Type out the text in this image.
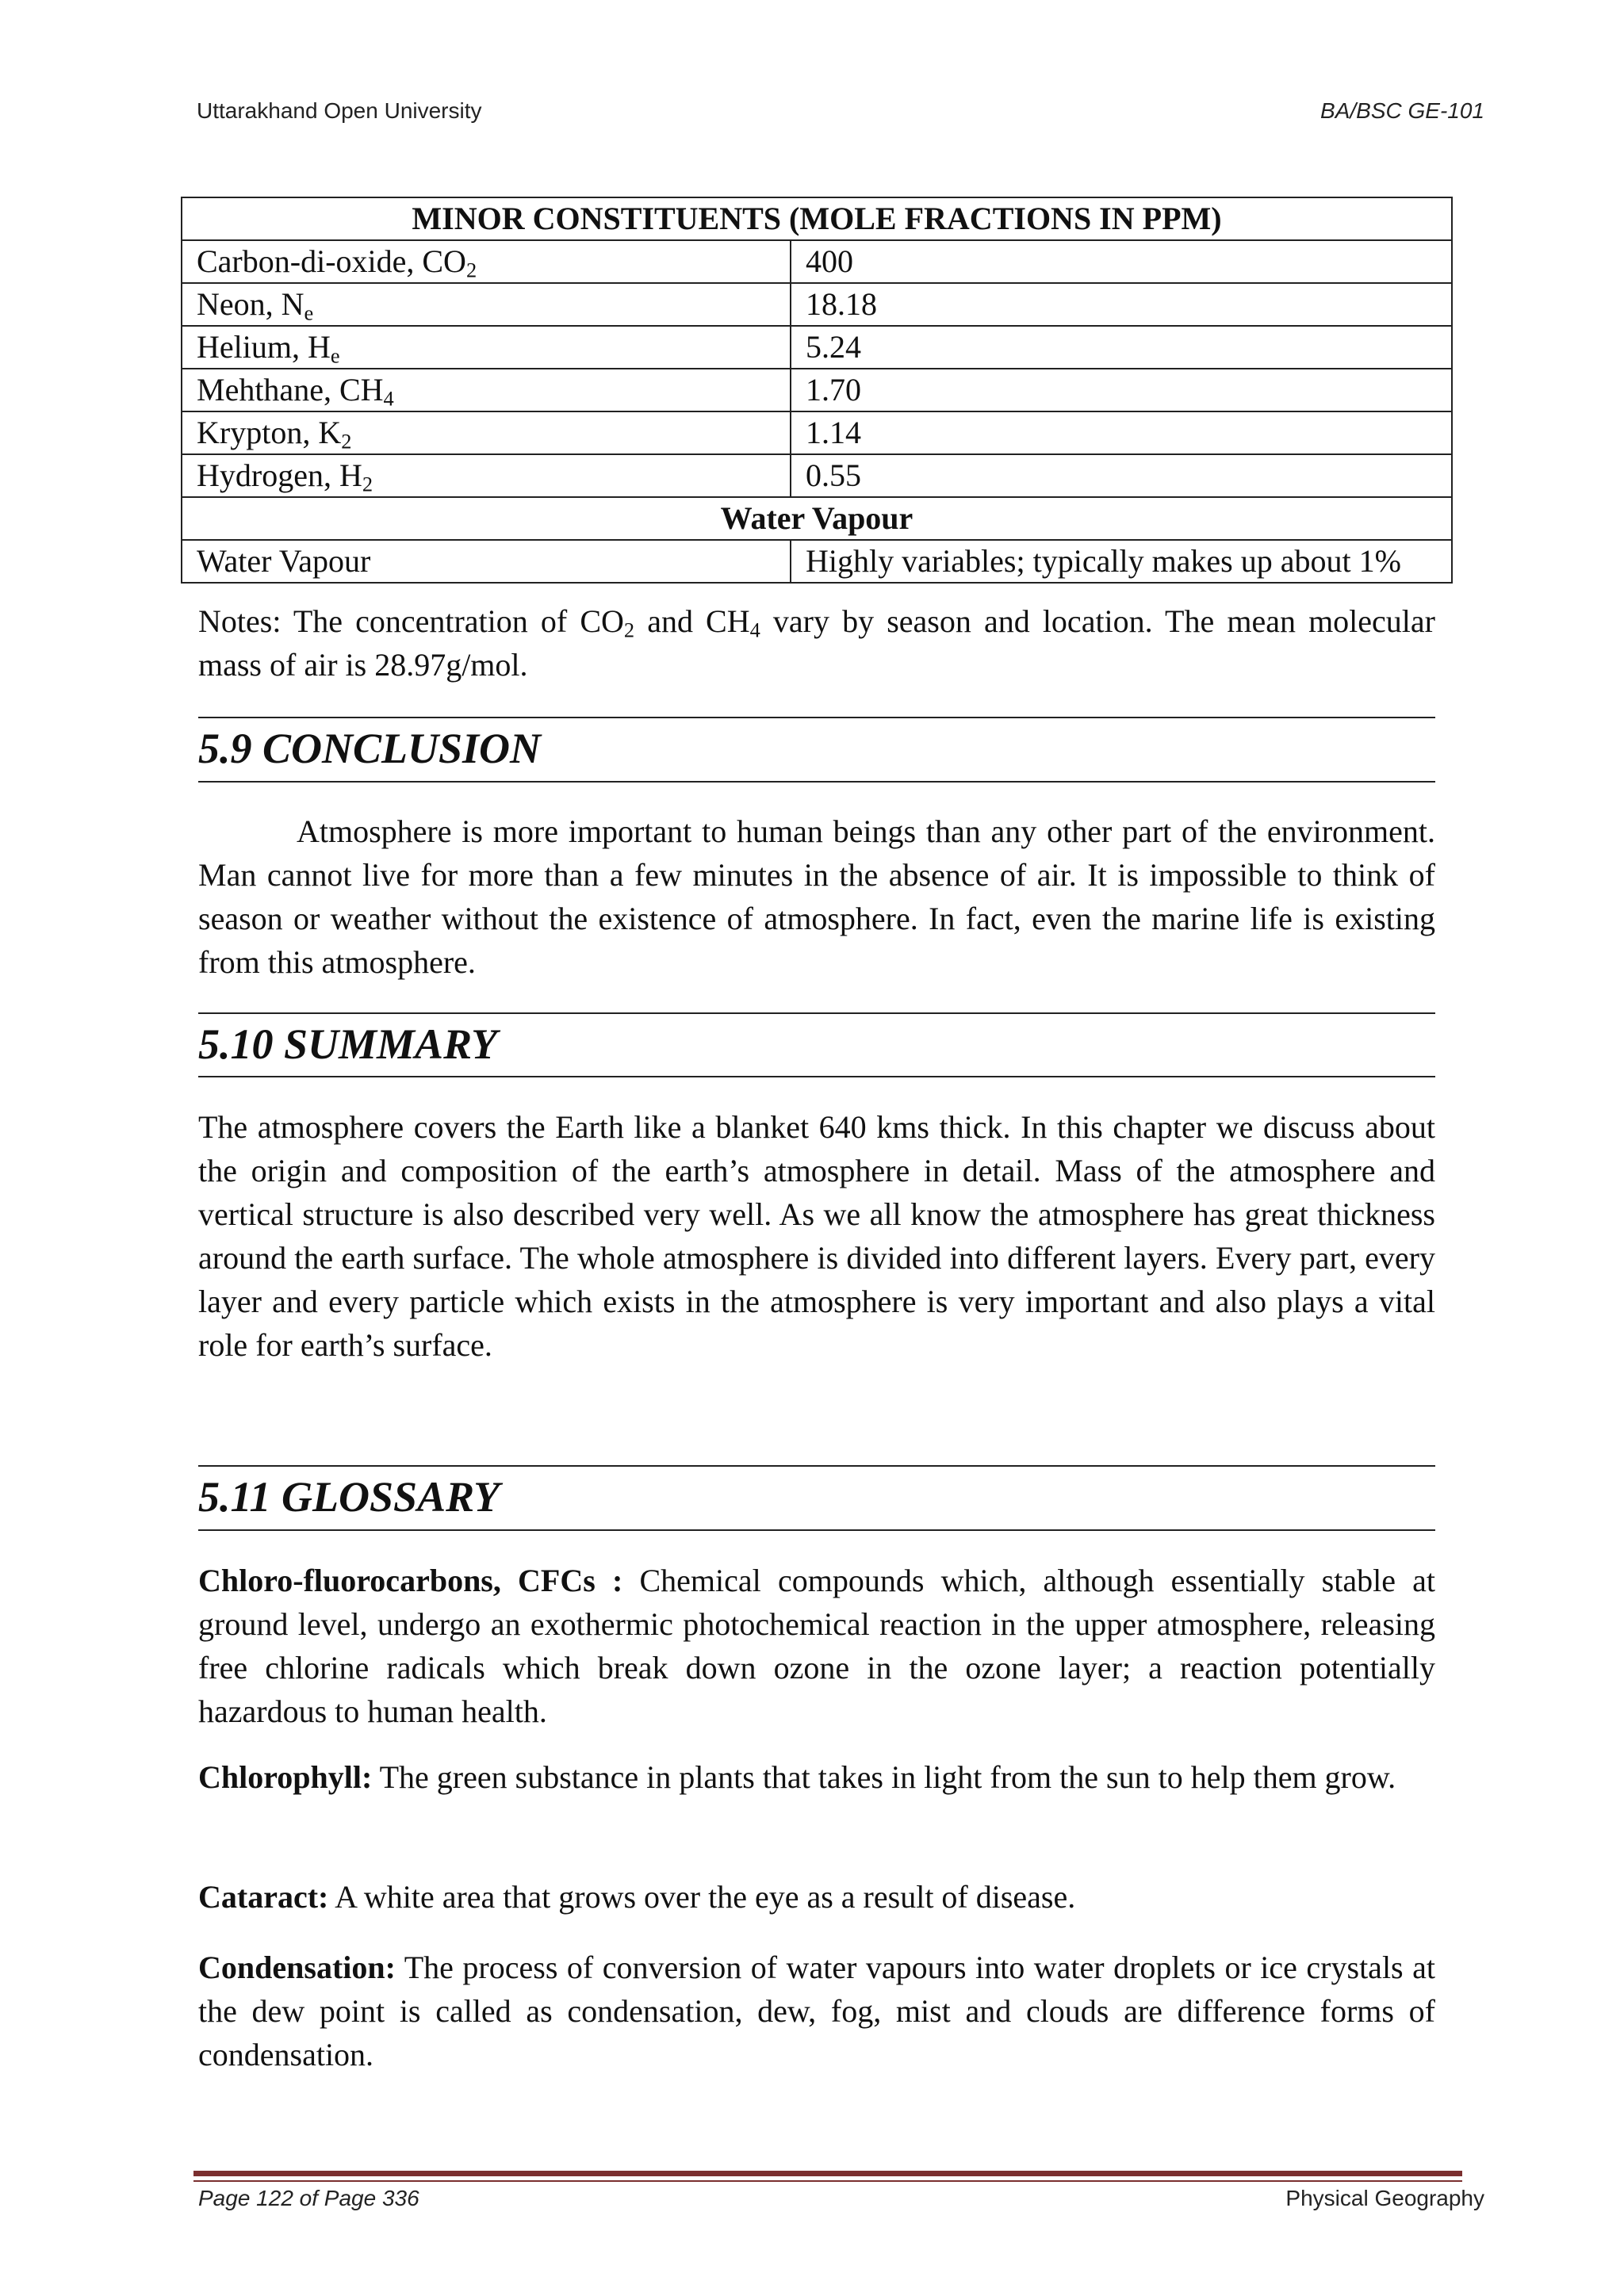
Uttarakhand Open University	BA/BSC GE-101
MINOR CONSTITUENTS (MOLE FRACTIONS IN PPM)	
Carbon-di-oxide, $CO_2$	400
Neon, $N_e$	18.18
Helium, $H_e$	5.24
Mehthane, $CH_4$	1.70
Krypton, $K_2$	1.14
Hydrogen, $H_2$	0.55
Water Vapour	
Water Vapour	Highly variables; typically makes up about 1%

Notes: The concentration of $CO_2$ and $CH_4$ vary by season and location. The mean molecular mass of air is 28.97g/mol.

5.9 CONCLUSION

Atmosphere is more important to human beings than any other part of the environment. Man cannot live for more than a few minutes in the absence of air. It is impossible to think of season or weather without the existence of atmosphere. In fact, even the marine life is existing from this atmosphere.

5.10 SUMMARY

The atmosphere covers the Earth like a blanket 640 kms thick. In this chapter we discuss about the origin and composition of the earth’s atmosphere in detail. Mass of the atmosphere and vertical structure is also described very well. As we all know the atmosphere has great thickness around the earth surface. The whole atmosphere is divided into different layers. Every part, every layer and every particle which exists in the atmosphere is very important and also plays a vital role for earth’s surface.

5.11 GLOSSARY

Chloro-fluorocarbons, CFCs : Chemical compounds which, although essentially stable at ground level, undergo an exothermic photochemical reaction in the upper atmosphere, releasing free chlorine radicals which break down ozone in the ozone layer; a reaction potentially hazardous to human health.

Chlorophyll: The green substance in plants that takes in light from the sun to help them grow.

Cataract: A white area that grows over the eye as a result of disease.

Condensation: The process of conversion of water vapours into water droplets or ice crystals at the dew point is called as condensation, dew, fog, mist and clouds are difference forms of condensation.

Page 122 of Page 336	Physical Geography
